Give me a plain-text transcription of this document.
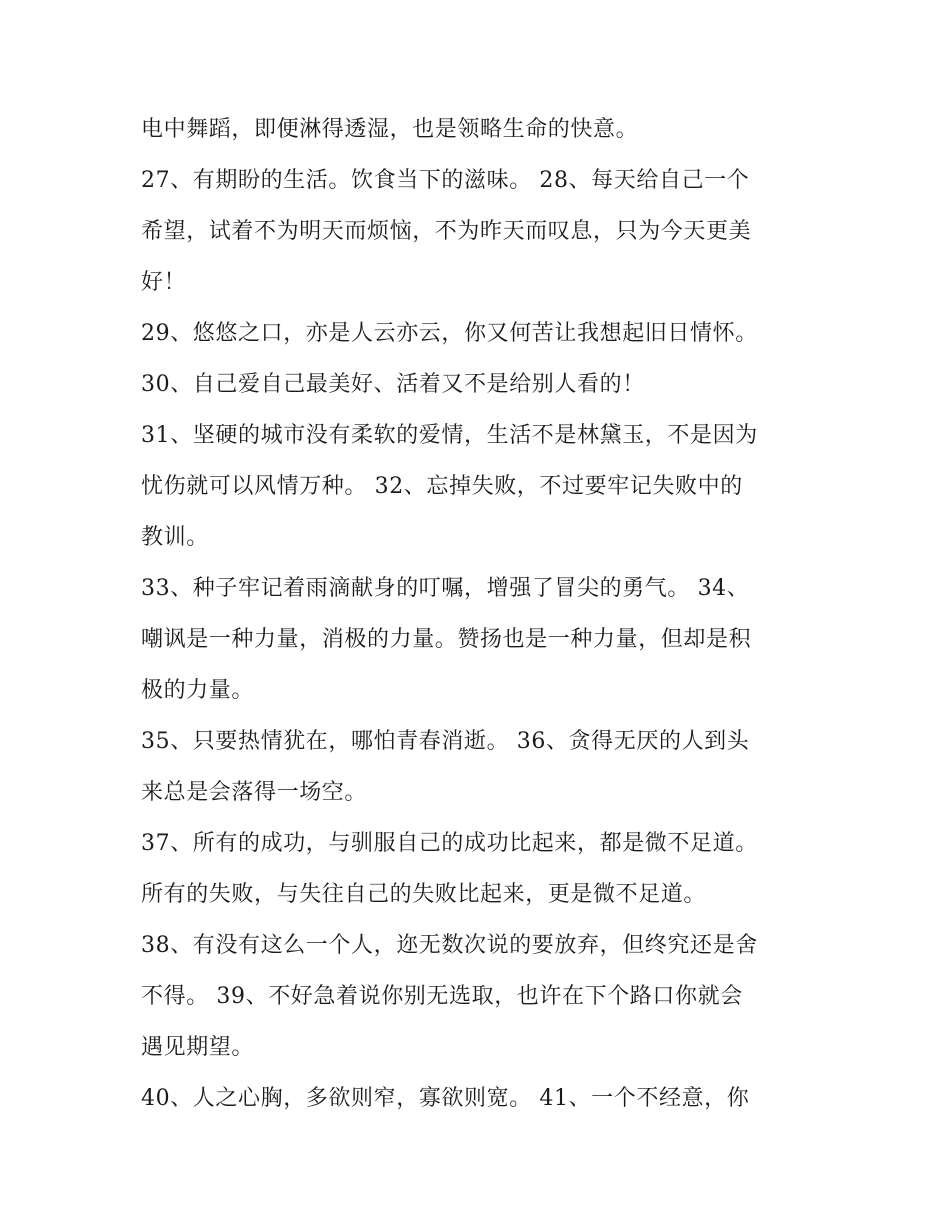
电中舞蹈，即便淋得透湿，也是领略生命的快意。
27、有期盼的生活。饮食当下的滋味。 28、每天给自己一个
希望，试着不为明天而烦恼，不为昨天而叹息，只为今天更美
好！
29、悠悠之口，亦是人云亦云，你又何苦让我想起旧日情怀。
30、自己爱自己最美好、活着又不是给别人看的！
31、坚硬的城市没有柔软的爱情，生活不是林黛玉，不是因为
忧伤就可以风情万种。 32、忘掉失败，不过要牢记失败中的
教训。
33、种子牢记着雨滴献身的叮嘱，增强了冒尖的勇气。 34、
嘲讽是一种力量，消极的力量。赞扬也是一种力量，但却是积
极的力量。
35、只要热情犹在，哪怕青春消逝。 36、贪得无厌的人到头
来总是会落得一场空。
37、所有的成功，与驯服自己的成功比起来，都是微不足道。
所有的失败，与失往自己的失败比起来，更是微不足道。
38、有没有这么一个人，迩无数次说的要放弃，但终究还是舍
不得。 39、不好急着说你别无选取，也许在下个路口你就会
遇见期望。
40、人之心胸，多欲则窄，寡欲则宽。 41、一个不经意，你
